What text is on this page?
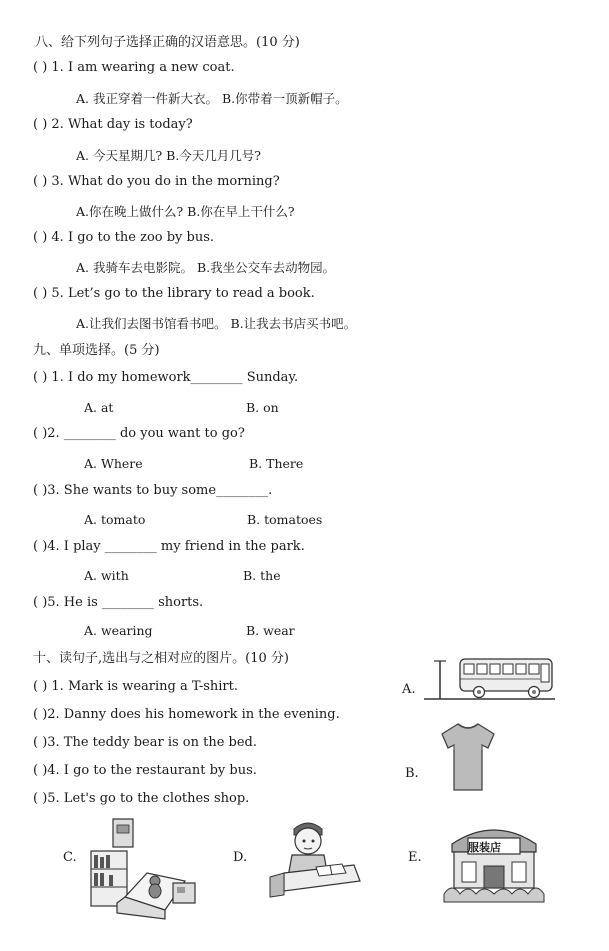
八、给下列句子选择正确的汉语意思。(10 分)
( ) 1. I am wearing a new coat.
A. 我正穿着一件新大衣。 B.你带着一顶新帽子。
( ) 2. What day is today?
A. 今天星期几? B.今天几月几号?
( ) 3. What do you do in the morning?
A.你在晚上做什么? B.你在早上干什么?
( ) 4. I go to the zoo by bus.
A. 我骑车去电影院。 B.我坐公交车去动物园。
( ) 5. Let’s go to the library to read a book.
A.让我们去图书馆看书吧。 B.让我去书店买书吧。
九、单项选择。(5 分)
( ) 1. I do my homework________ Sunday.
A. at	B. on
( )2. ________ do you want to go?
A. Where	B. There
( )3. She wants to buy some________.
A. tomato	B. tomatoes
( )4. I play ________ my friend in the park.
A. with	B. the
( )5. He is ________ shorts.
A. wearing	B. wear
十、读句子,选出与之相对应的图片。(10 分)
( ) 1. Mark is wearing a T-shirt.
( )2. Danny does his homework in the evening.
( )3. The teddy bear is on the bed.
( )4. I go to the restaurant by bus.
( )5. Let's go to the clothes shop.
A.
B.
C.	D.	E.
服装店
